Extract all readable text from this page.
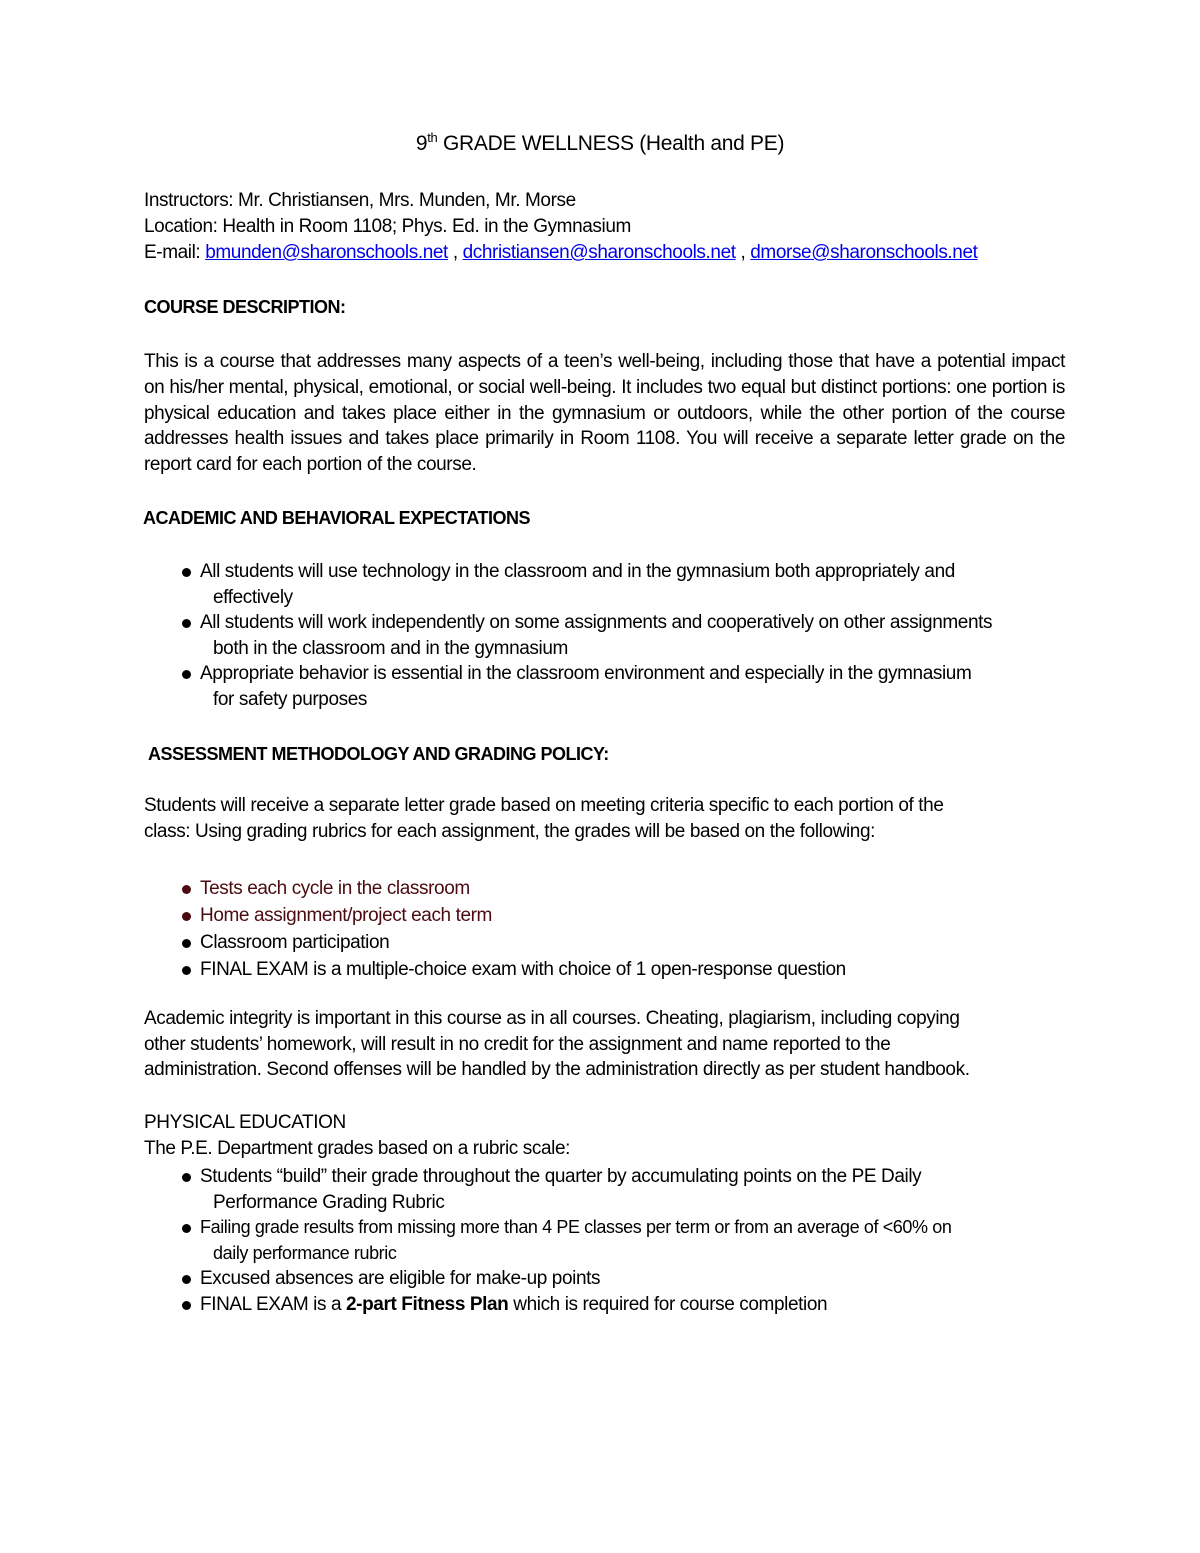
9th GRADE WELLNESS (Health and PE)
Instructors: Mr. Christiansen, Mrs. Munden, Mr. Morse
Location: Health in Room 1108; Phys. Ed. in the Gymnasium
E-mail: bmunden@sharonschools.net , dchristiansen@sharonschools.net , dmorse@sharonschools.net
COURSE DESCRIPTION:
This is a course that addresses many aspects of a teen’s well-being, including those that have a potential impact on his/her mental, physical, emotional, or social well-being. It includes two equal but distinct portions: one portion is physical education and takes place either in the gymnasium or outdoors, while the other portion of the course addresses health issues and takes place primarily in Room 1108. You will receive a separate letter grade on the report card for each portion of the course.
ACADEMIC AND BEHAVIORAL EXPECTATIONS
All students will use technology in the classroom and in the gymnasium both appropriately and
effectively
All students will work independently on some assignments and cooperatively on other assignments
both in the classroom and in the gymnasium
Appropriate behavior is essential in the classroom environment and especially in the gymnasium
for safety purposes
ASSESSMENT METHODOLOGY AND GRADING POLICY:
Students will receive a separate letter grade based on meeting criteria specific to each portion of the
class: Using grading rubrics for each assignment, the grades will be based on the following:
Tests each cycle in the classroom
Home assignment/project each term
Classroom participation
FINAL EXAM is a multiple-choice exam with choice of 1 open-response question
Academic integrity is important in this course as in all courses. Cheating, plagiarism, including copying
other students’ homework, will result in no credit for the assignment and name reported to the
administration. Second offenses will be handled by the administration directly as per student handbook.
PHYSICAL EDUCATION
The P.E. Department grades based on a rubric scale:
Students “build” their grade throughout the quarter by accumulating points on the PE Daily
Performance Grading Rubric
Failing grade results from missing more than 4 PE classes per term or from an average of <60% on
daily performance rubric
Excused absences are eligible for make-up points
FINAL EXAM is a 2-part Fitness Plan which is required for course completion
